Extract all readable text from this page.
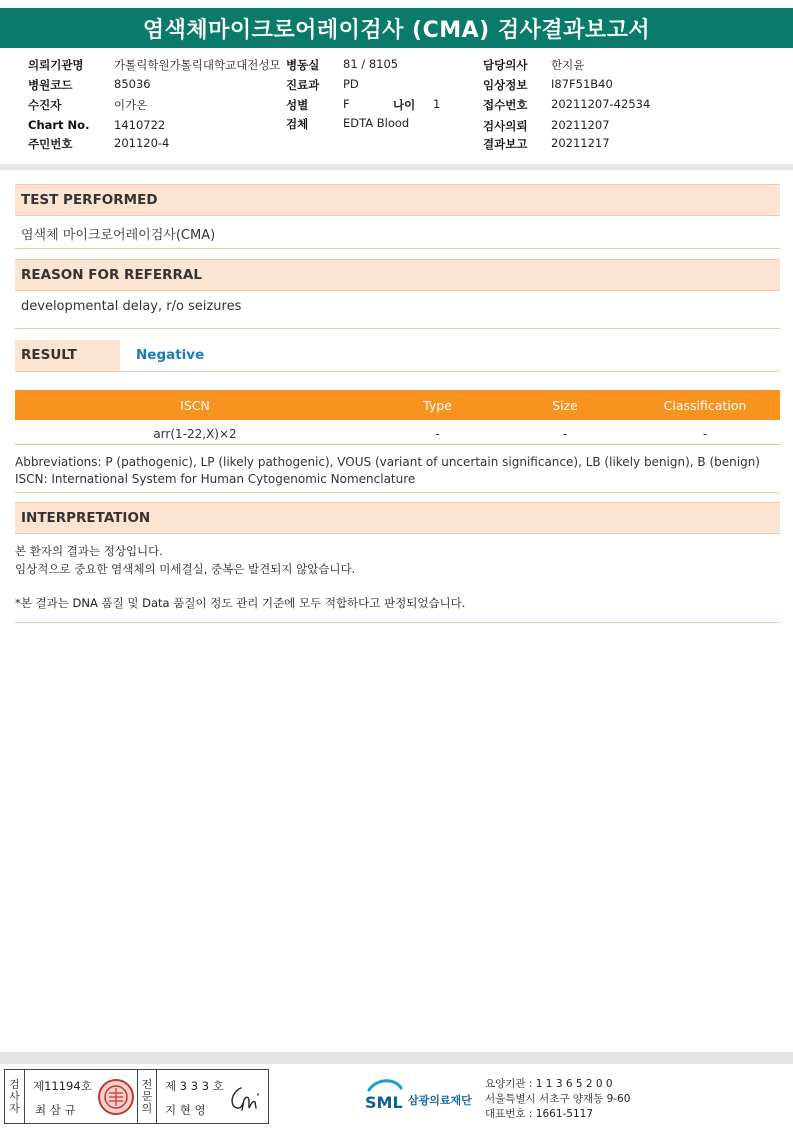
염색체마이크로어레이검사 (CMA) 검사결과보고서
의뢰기관명	가톨릭학원가톨릭대학교대전성모
병원코드	85036
수진자	이가온
Chart No. 1410722
주민번호	201120-4
병동실 81 / 8105
진료과 PD
성별	F	나이 1
검체	EDTA Blood
담당의사 한지윤
임상정보 I87F51B40
접수번호 20211207-42534
검사의뢰 20211207
결과보고 20211217
TEST PERFORMED
염색체 마이크로어레이검사(CMA)
REASON FOR REFERRAL
developmental delay, r/o seizures
RESULT	Negative
ISCN	Type	Size	Classification
arr(1-22,X)×2	-	-	-
Abbreviations: P (pathogenic), LP (likely pathogenic), VOUS (variant of uncertain significance), LB (likely benign), B (benign)
ISCN: International System for Human Cytogenomic Nomenclature
INTERPRETATION
본 환자의 결과는 정상입니다.
임상적으로 중요한 염색체의 미세결실, 중복은 발견되지 않았습니다.
*본 결과는 DNA 품질 및 Data 품질이 정도 관리 기준에 모두 적합하다고 판정되었습니다.
검
사
자
제11194호
최 삼 규
전
문
의
제 3 3 3 호
지 현 영	SML 삼광의료재단
요양기관 : 1 1 3 6 5 2 0 0
서울특별시 서초구 양재동 9-60
대표번호 : 1661-5117
